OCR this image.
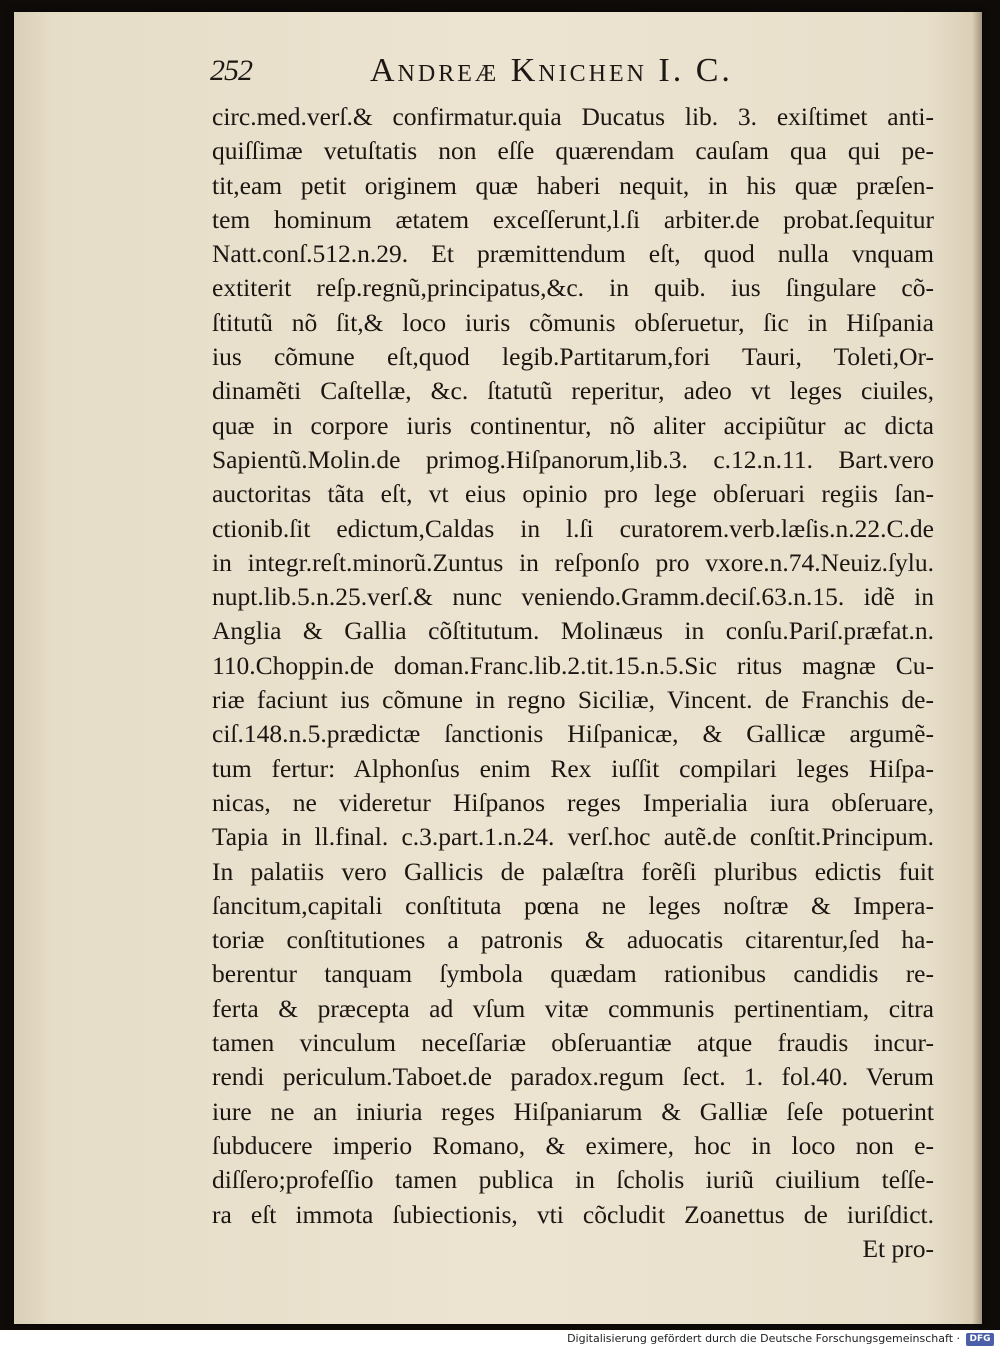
252	Andreæ Knichen I. C.
circ.med.verſ.& confirmatur.quia Ducatus lib. 3. exiſtimet anti-
quiſſimæ vetuſtatis non eſſe quærendam cauſam qua qui pe-
tit,eam petit originem quæ haberi nequit, in his quæ præſen-
tem hominum ætatem exceſſerunt,l.ſi arbiter.de probat.ſequitur
Natt.conſ.512.n.29. Et præmittendum eſt, quod nulla vnquam
extiterit reſp.regnũ,principatus,&c. in quib. ius ſingulare cõ-
ſtitutũ nõ ſit,& loco iuris cõmunis obſeruetur, ſic in Hiſpania
ius cõmune eſt,quod legib.Partitarum,fori Tauri, Toleti,Or-
dinamẽti Caſtellæ, &c. ſtatutũ reperitur, adeo vt leges ciuiles,
quæ in corpore iuris continentur, nõ aliter accipiũtur ac dicta
Sapientũ.Molin.de primog.Hiſpanorum,lib.3. c.12.n.11. Bart.vero
auctoritas tãta eſt, vt eius opinio pro lege obſeruari regiis ſan-
ctionib.ſit edictum,Caldas in l.ſi curatorem.verb.læſis.n.22.C.de
in integr.reſt.minorũ.Zuntus in reſponſo pro vxore.n.74.Neuiz.ſylu.
nupt.lib.5.n.25.verſ.& nunc veniendo.Gramm.deciſ.63.n.15. idẽ in
Anglia & Gallia cõſtitutum. Molinæus in conſu.Pariſ.præfat.n.
110.Choppin.de doman.Franc.lib.2.tit.15.n.5.Sic ritus magnæ Cu-
riæ faciunt ius cõmune in regno Siciliæ, Vincent. de Franchis de-
ciſ.148.n.5.prædictæ ſanctionis Hiſpanicæ, & Gallicæ argumẽ-
tum fertur: Alphonſus enim Rex iuſſit compilari leges Hiſpa-
nicas, ne videretur Hiſpanos reges Imperialia iura obſeruare,
Tapia in ll.final. c.3.part.1.n.24. verſ.hoc autẽ.de conſtit.Principum.
In palatiis vero Gallicis de palæſtra forẽſi pluribus edictis fuit
ſancitum,capitali conſtituta pœna ne leges noſtræ & Impera-
toriæ conſtitutiones a patronis & aduocatis citarentur,ſed ha-
berentur tanquam ſymbola quædam rationibus candidis re-
ferta & præcepta ad vſum vitæ communis pertinentiam, citra
tamen vinculum neceſſariæ obſeruantiæ atque fraudis incur-
rendi periculum.Taboet.de paradox.regum ſect. 1. fol.40. Verum
iure ne an iniuria reges Hiſpaniarum & Galliæ ſeſe potuerint
ſubducere imperio Romano, & eximere, hoc in loco non e-
diſſero;profeſſio tamen publica in ſcholis iuriũ ciuilium teſſe-
ra eſt immota ſubiectionis, vti cõcludit Zoanettus de iuriſdict.
Et pro-
Digitalisierung gefördert durch die Deutsche Forschungsgemeinschaft ·	DFG
